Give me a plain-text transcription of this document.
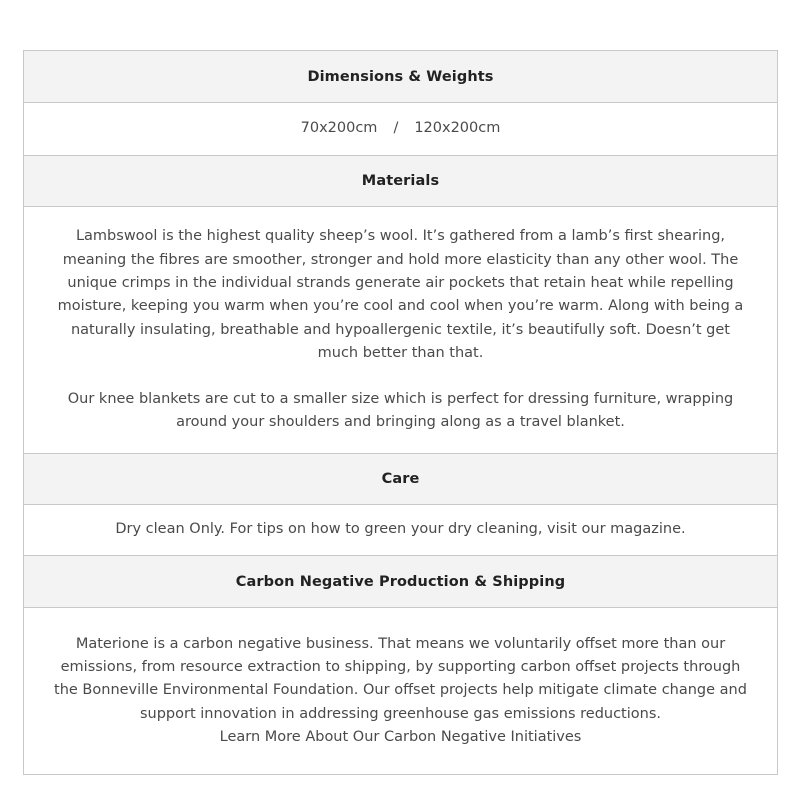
Dimensions & Weights

70x200cm / 120x200cm

Materials

Lambswool is the highest quality sheep’s wool. It’s gathered from a lamb’s first shearing, meaning the fibres are smoother, stronger and hold more elasticity than any other wool. The unique crimps in the individual strands generate air pockets that retain heat while repelling moisture, keeping you warm when you’re cool and cool when you’re warm. Along with being a naturally insulating, breathable and hypoallergenic textile, it’s beautifully soft. Doesn’t get much better than that.

Our knee blankets are cut to a smaller size which is perfect for dressing furniture, wrapping around your shoulders and bringing along as a travel blanket.

Care

Dry clean Only. For tips on how to green your dry cleaning, visit our magazine.

Carbon Negative Production & Shipping

Materione is a carbon negative business. That means we voluntarily offset more than our emissions, from resource extraction to shipping, by supporting carbon offset projects through the Bonneville Environmental Foundation. Our offset projects help mitigate climate change and support innovation in addressing greenhouse gas emissions reductions.

Learn More About Our Carbon Negative Initiatives
